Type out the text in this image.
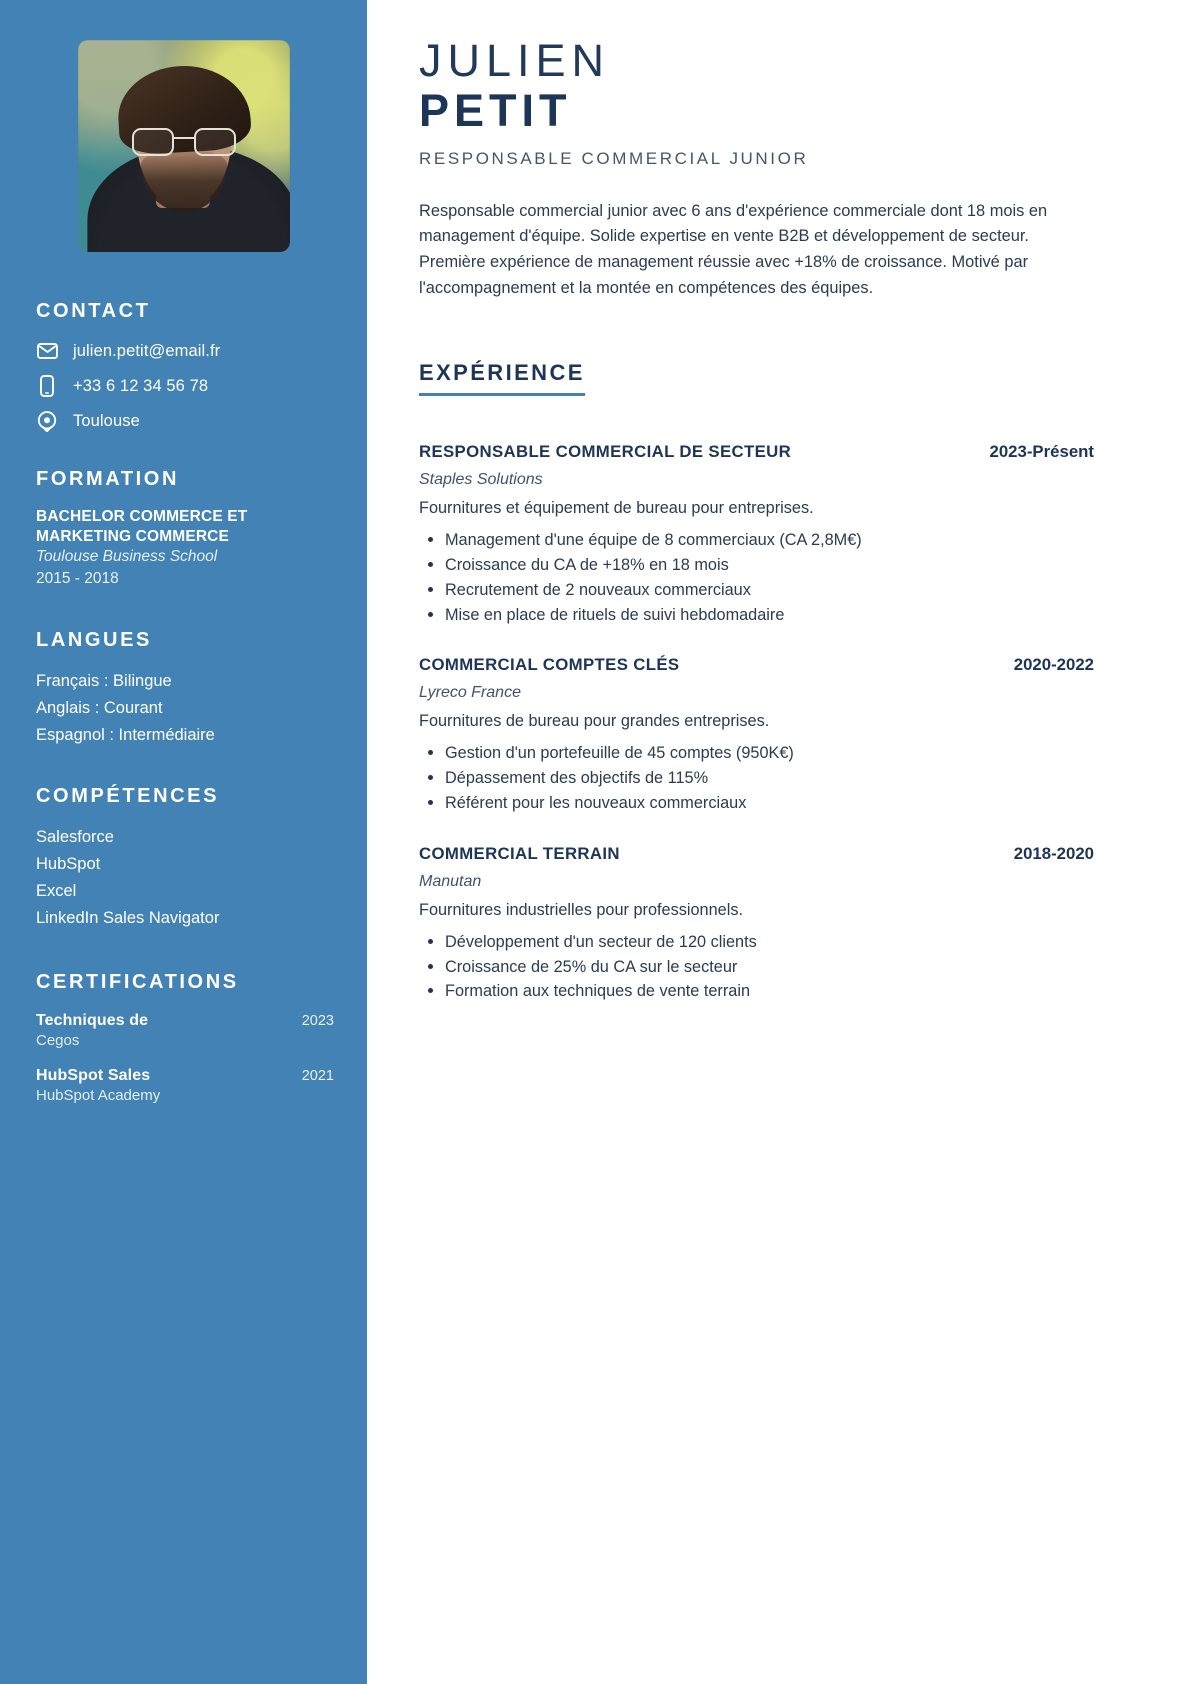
CONTACT
julien.petit@email.fr
+33 6 12 34 56 78
Toulouse
FORMATION
BACHELOR COMMERCE ET MARKETING COMMERCE
Toulouse Business School
2015 - 2018
LANGUES
Français : Bilingue
Anglais : Courant
Espagnol : Intermédiaire
COMPÉTENCES
Salesforce
HubSpot
Excel
LinkedIn Sales Navigator
CERTIFICATIONS
Techniques de	2023
Cegos
HubSpot Sales	2021
HubSpot Academy
JULIEN
PETIT
RESPONSABLE COMMERCIAL JUNIOR

Responsable commercial junior avec 6 ans d'expérience commerciale dont 18 mois en management d'équipe. Solide expertise en vente B2B et développement de secteur. Première expérience de management réussie avec +18% de croissance. Motivé par l'accompagnement et la montée en compétences des équipes.

EXPÉRIENCE
RESPONSABLE COMMERCIAL DE SECTEUR	2023-Présent
Staples Solutions
Fournitures et équipement de bureau pour entreprises.
Management d'une équipe de 8 commerciaux (CA 2,8M€)
Croissance du CA de +18% en 18 mois
Recrutement de 2 nouveaux commerciaux
Mise en place de rituels de suivi hebdomadaire
COMMERCIAL COMPTES CLÉS	2020-2022
Lyreco France
Fournitures de bureau pour grandes entreprises.
Gestion d'un portefeuille de 45 comptes (950K€)
Dépassement des objectifs de 115%
Référent pour les nouveaux commerciaux
COMMERCIAL TERRAIN	2018-2020
Manutan
Fournitures industrielles pour professionnels.
Développement d'un secteur de 120 clients
Croissance de 25% du CA sur le secteur
Formation aux techniques de vente terrain
